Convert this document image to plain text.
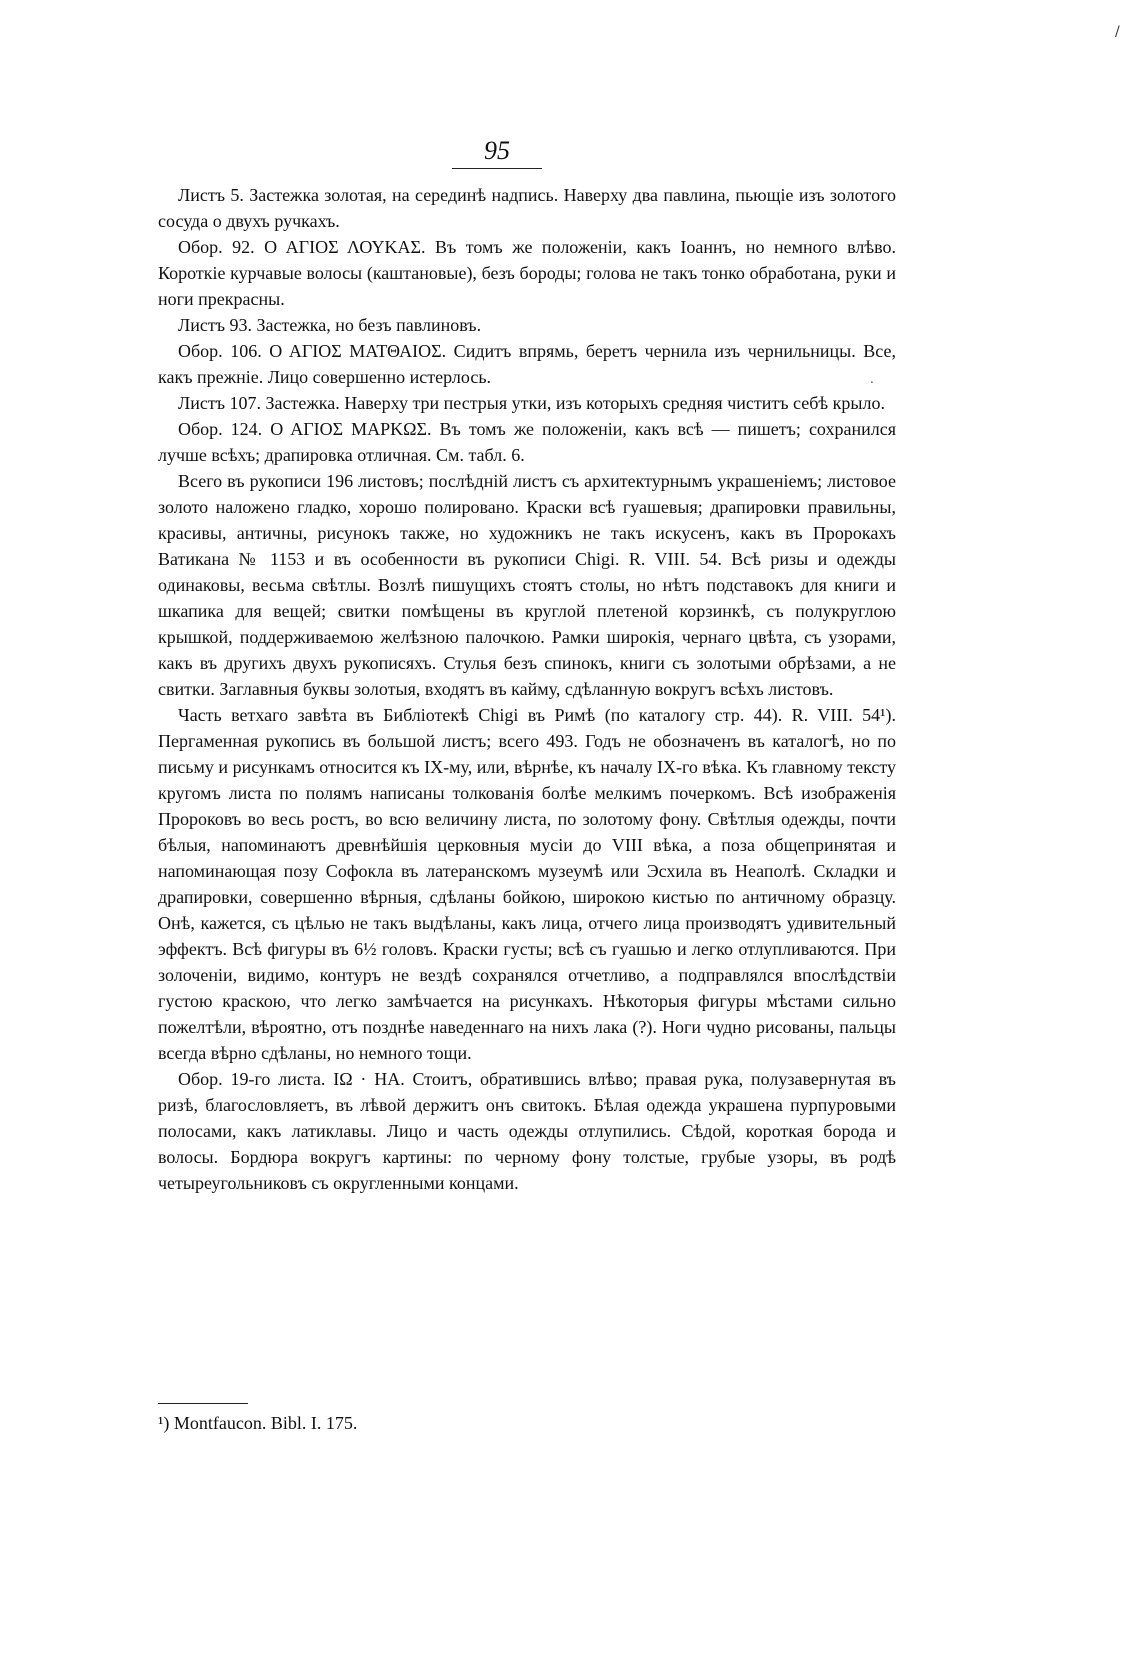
/
95
.

Листъ 5. Застежка золотая, на серединѣ надпись. Наверху два павлина, пьющіе изъ золотого сосуда о двухъ ручкахъ.

Обор. 92. Ο ΑΓΙΟΣ ΛΟΥΚΑΣ. Въ томъ же положеніи, какъ Іоаннъ, но немного влѣво. Короткіе курчавые волосы (каштановые), безъ бороды; голова не такъ тонко обработана, руки и ноги прекрасны.

Листъ 93. Застежка, но безъ павлиновъ.

Обор. 106. Ο ΑΓΙΟΣ ΜΑΤΘΑΙΟΣ. Сидитъ впрямь, беретъ чернила изъ чернильницы. Все, какъ прежніе. Лицо совершенно истерлось.

Листъ 107. Застежка. Наверху три пестрыя утки, изъ которыхъ средняя чиститъ себѣ крыло.

Обор. 124. Ο ΑΓΙΟΣ ΜΑΡΚΩΣ. Въ томъ же положеніи, какъ всѣ — пишетъ; сохранился лучше всѣхъ; драпировка отличная. См. табл. 6.

Всего въ рукописи 196 листовъ; послѣдній листъ съ архитектурнымъ украшеніемъ; листовое золото наложено гладко, хорошо полировано. Краски всѣ гуашевыя; драпировки правильны, красивы, античны, рисунокъ также, но художникъ не такъ искусенъ, какъ въ Пророкахъ Ватикана № 1153 и въ особенности въ рукописи Chigi. R. VIII. 54. Всѣ ризы и одежды одинаковы, весьма свѣтлы. Возлѣ пишущихъ стоятъ столы, но нѣтъ подставокъ для книги и шкапика для вещей; свитки помѣщены въ круглой плетеной корзинкѣ, съ полукруглою крышкой, поддерживаемою желѣзною палочкою. Рамки широкія, чернаго цвѣта, съ узорами, какъ въ другихъ двухъ рукописяхъ. Стулья безъ спинокъ, книги съ золотыми обрѣзами, а не свитки. Заглавныя буквы золотыя, входятъ въ кайму, сдѣланную вокругъ всѣхъ листовъ.

Часть ветхаго завѣта въ Библіотекѣ Chigi въ Римѣ (по каталогу стр. 44). R. VIII. 54¹). Пергаменная рукопись въ большой листъ; всего 493. Годъ не обозначенъ въ каталогѣ, но по письму и рисункамъ относится къ IX-му, или, вѣрнѣе, къ началу IX-го вѣка. Къ главному тексту кругомъ листа по полямъ написаны толкованія болѣе мелкимъ почеркомъ. Всѣ изображенія Пророковъ во весь ростъ, во всю величину листа, по золотому фону. Свѣтлыя одежды, почти бѣлыя, напоминаютъ древнѣйшія церковныя мусіи до VIII вѣка, а поза общепринятая и напоминающая позу Софокла въ латеранскомъ музеумѣ или Эсхила въ Неаполѣ. Складки и драпировки, совершенно вѣрныя, сдѣланы бойкою, широкою кистью по античному образцу. Онѣ, кажется, съ цѣлью не такъ выдѣланы, какъ лица, отчего лица производятъ удивительный эффектъ. Всѣ фигуры въ 6½ головъ. Краски густы; всѣ съ гуашью и легко отлупливаются. При золоченіи, видимо, контуръ не вездѣ сохранялся отчетливо, а подправлялся впослѣдствіи густою краскою, что легко замѣчается на рисункахъ. Нѣкоторыя фигуры мѣстами сильно пожелтѣли, вѣроятно, отъ позднѣе наведеннаго на нихъ лака (?). Ноги чудно рисованы, пальцы всегда вѣрно сдѣланы, но немного тощи.

Обор. 19-го листа. ΙΩ · ΗΑ. Стоитъ, обратившись влѣво; правая рука, полузавернутая въ ризѣ, благословляетъ, въ лѣвой держитъ онъ свитокъ. Бѣлая одежда украшена пурпуровыми полосами, какъ латиклавы. Лицо и часть одежды отлупились. Сѣдой, короткая борода и волосы. Бордюра вокругъ картины: по черному фону толстые, грубые узоры, въ родѣ четыреугольниковъ съ округленными концами.

¹) Montfaucon. Bibl. I. 175.
